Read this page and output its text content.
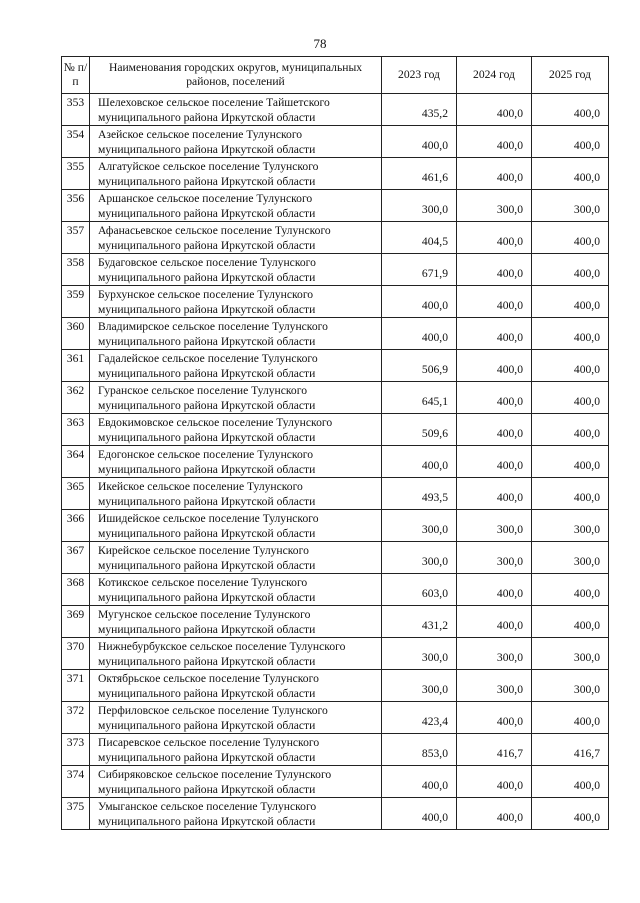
78
№ п/п	Наименования городских округов, муниципальных районов, поселений	2023 год	2024 год	2025 год
353	Шелеховское сельское поселение Тайшетского муниципального района Иркутской области	435,2	400,0	400,0
354	Азейское сельское поселение Тулунского муниципального района Иркутской области	400,0	400,0	400,0
355	Алгатуйское сельское поселение Тулунского муниципального района Иркутской области	461,6	400,0	400,0
356	Аршанское сельское поселение Тулунского муниципального района Иркутской области	300,0	300,0	300,0
357	Афанасьевское сельское поселение Тулунского муниципального района Иркутской области	404,5	400,0	400,0
358	Будаговское сельское поселение Тулунского муниципального района Иркутской области	671,9	400,0	400,0
359	Бурхунское сельское поселение Тулунского муниципального района Иркутской области	400,0	400,0	400,0
360	Владимирское сельское поселение Тулунского муниципального района Иркутской области	400,0	400,0	400,0
361	Гадалейское сельское поселение Тулунского муниципального района Иркутской области	506,9	400,0	400,0
362	Гуранское сельское поселение Тулунского муниципального района Иркутской области	645,1	400,0	400,0
363	Евдокимовское сельское поселение Тулунского муниципального района Иркутской области	509,6	400,0	400,0
364	Едогонское сельское поселение Тулунского муниципального района Иркутской области	400,0	400,0	400,0
365	Икейское сельское поселение Тулунского муниципального района Иркутской области	493,5	400,0	400,0
366	Ишидейское сельское поселение Тулунского муниципального района Иркутской области	300,0	300,0	300,0
367	Кирейское сельское поселение Тулунского муниципального района Иркутской области	300,0	300,0	300,0
368	Котикское сельское поселение Тулунского муниципального района Иркутской области	603,0	400,0	400,0
369	Мугунское сельское поселение Тулунского муниципального района Иркутской области	431,2	400,0	400,0
370	Нижнебурбукское сельское поселение Тулунского муниципального района Иркутской области	300,0	300,0	300,0
371	Октябрьское сельское поселение Тулунского муниципального района Иркутской области	300,0	300,0	300,0
372	Перфиловское сельское поселение Тулунского муниципального района Иркутской области	423,4	400,0	400,0
373	Писаревское сельское поселение Тулунского муниципального района Иркутской области	853,0	416,7	416,7
374	Сибиряковское сельское поселение Тулунского муниципального района Иркутской области	400,0	400,0	400,0
375	Умыганское сельское поселение Тулунского муниципального района Иркутской области	400,0	400,0	400,0
